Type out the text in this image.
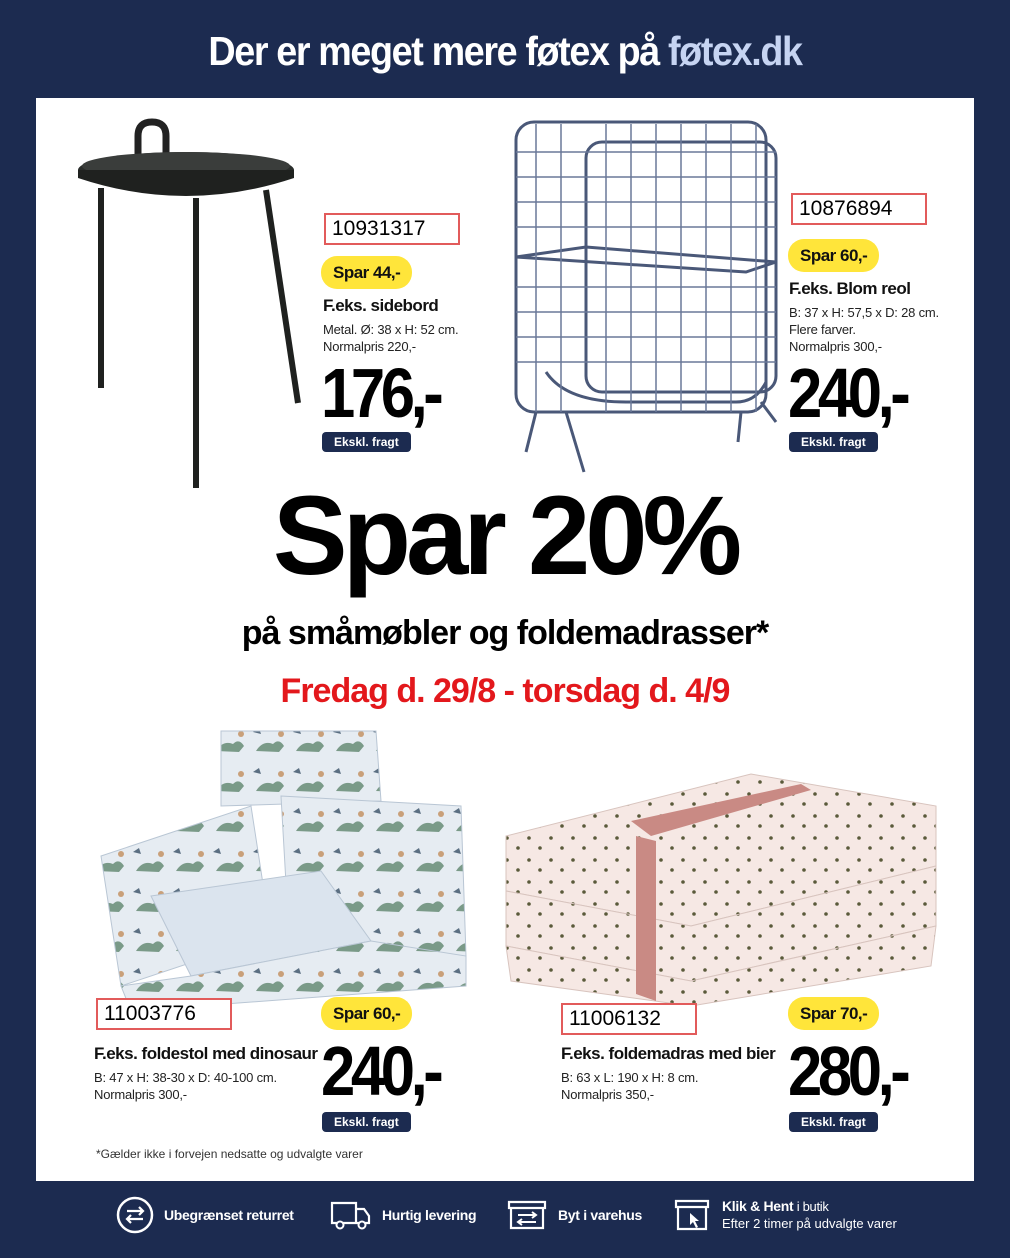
Der er meget mere føtex på føtex.dk
10931317
Spar 44,-
F.eks. sidebord
Metal. Ø: 38 x H: 52 cm.
Normalpris 220,-
176,-
Ekskl. fragt
10876894
Spar 60,-
F.eks. Blom reol
B: 37 x H: 57,5 x D: 28 cm.
Flere farver.
Normalpris 300,-
240,-
Ekskl. fragt
Spar 20%
på småmøbler og foldemadrasser*
Fredag d. 29/8 - torsdag d. 4/9
11003776	Spar 60,-
F.eks. foldestol med dinosaur
B: 47 x H: 38-30 x D: 40-100 cm.
Normalpris 300,-	240,-
Ekskl. fragt
11006132	Spar 70,-
F.eks. foldemadras med bier
B: 63 x L: 190 x H: 8 cm.
Normalpris 350,-	280,-
Ekskl. fragt
*Gælder ikke i forvejen nedsatte og udvalgte varer
Ubegrænset returret	Hurtig levering	Byt i varehus
Klik & Hent i butik
Efter 2 timer på udvalgte varer
